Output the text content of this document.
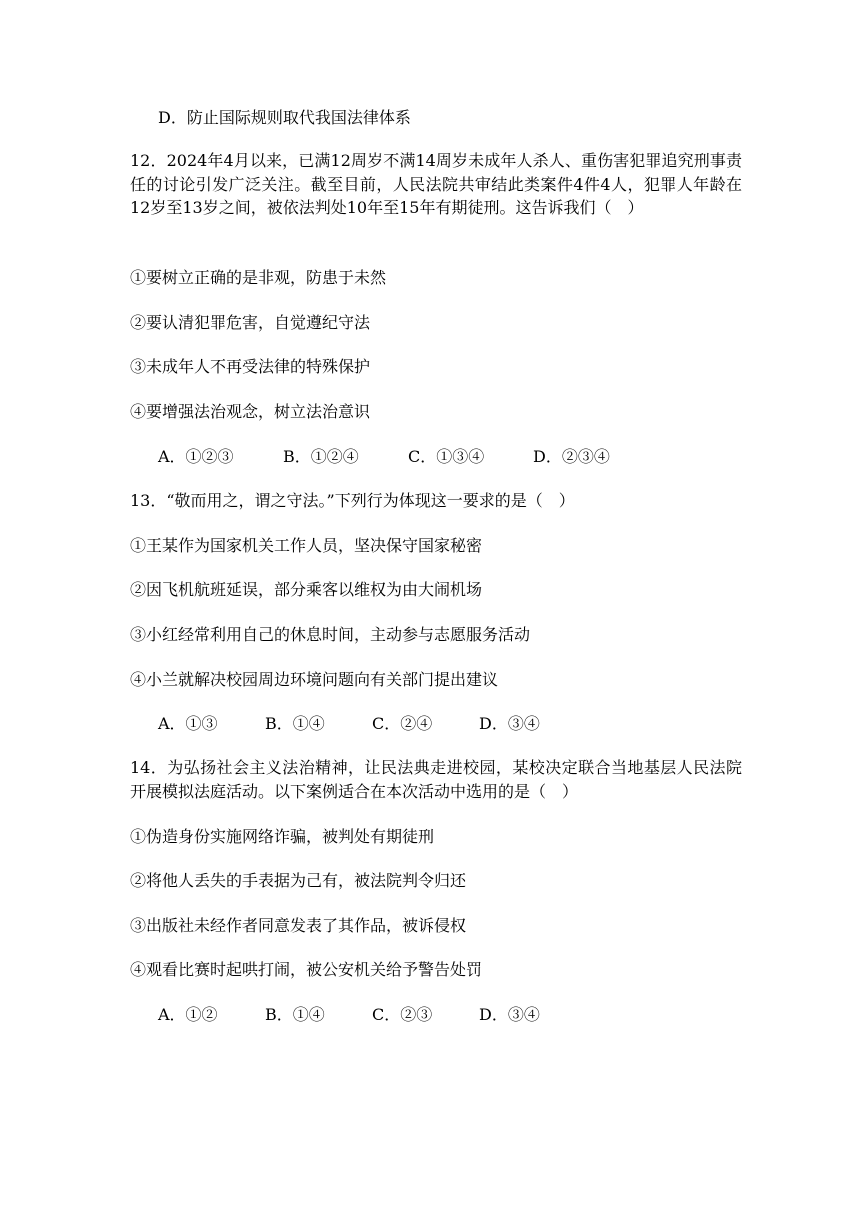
D．防止国际规则取代我国法律体系
12．2024年4月以来，已满12周岁不满14周岁未成年人杀人、重伤害犯罪追究刑事责任的讨论引发广泛关注。截至目前，人民法院共审结此类案件4件4人，犯罪人年龄在12岁至13岁之间，被依法判处10年至15年有期徒刑。这告诉我们（　）
①要树立正确的是非观，防患于未然
②要认清犯罪危害，自觉遵纪守法
③未成年人不再受法律的特殊保护
④要增强法治观念，树立法治意识
A．①②③	B．①②④	C．①③④	D．②③④
13．“敬而用之，谓之守法。”下列行为体现这一要求的是（　）
①王某作为国家机关工作人员，坚决保守国家秘密
②因飞机航班延误，部分乘客以维权为由大闹机场
③小红经常利用自己的休息时间，主动参与志愿服务活动
④小兰就解决校园周边环境问题向有关部门提出建议
A．①③	B．①④	C．②④	D．③④
14．为弘扬社会主义法治精神，让民法典走进校园，某校决定联合当地基层人民法院开展模拟法庭活动。以下案例适合在本次活动中选用的是（　）
①伪造身份实施网络诈骗，被判处有期徒刑
②将他人丢失的手表据为己有，被法院判令归还
③出版社未经作者同意发表了其作品，被诉侵权
④观看比赛时起哄打闹，被公安机关给予警告处罚
A．①②	B．①④	C．②③	D．③④
